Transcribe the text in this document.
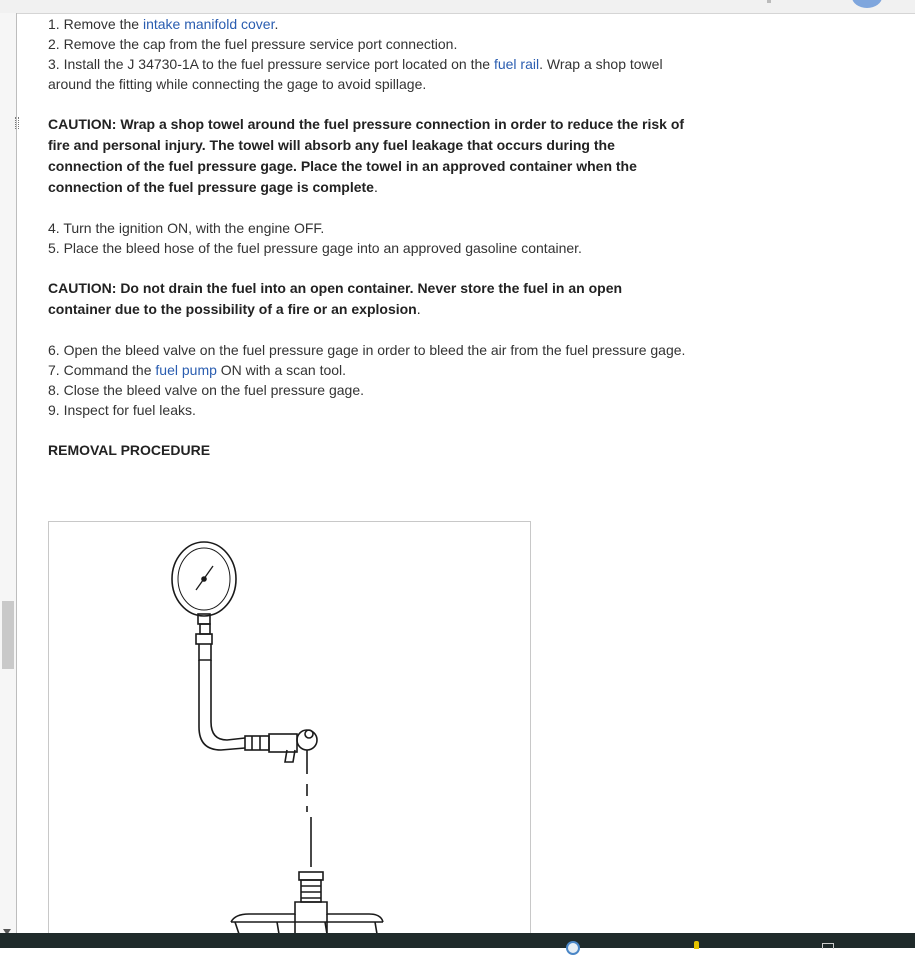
1. Remove the intake manifold cover.

2. Remove the cap from the fuel pressure service port connection.

3. Install the J 34730-1A to the fuel pressure service port located on the fuel rail. Wrap a shop towel around the fitting while connecting the gage to avoid spillage.

CAUTION: Wrap a shop towel around the fuel pressure connection in order to reduce the risk of fire and personal injury. The towel will absorb any fuel leakage that occurs during the connection of the fuel pressure gage. Place the towel in an approved container when the connection of the fuel pressure gage is complete.

4. Turn the ignition ON, with the engine OFF.

5. Place the bleed hose of the fuel pressure gage into an approved gasoline container.

CAUTION: Do not drain the fuel into an open container. Never store the fuel in an open container due to the possibility of a fire or an explosion.

6. Open the bleed valve on the fuel pressure gage in order to bleed the air from the fuel pressure gage.

7. Command the fuel pump ON with a scan tool.

8. Close the bleed valve on the fuel pressure gage.

9. Inspect for fuel leaks.

REMOVAL PROCEDURE
